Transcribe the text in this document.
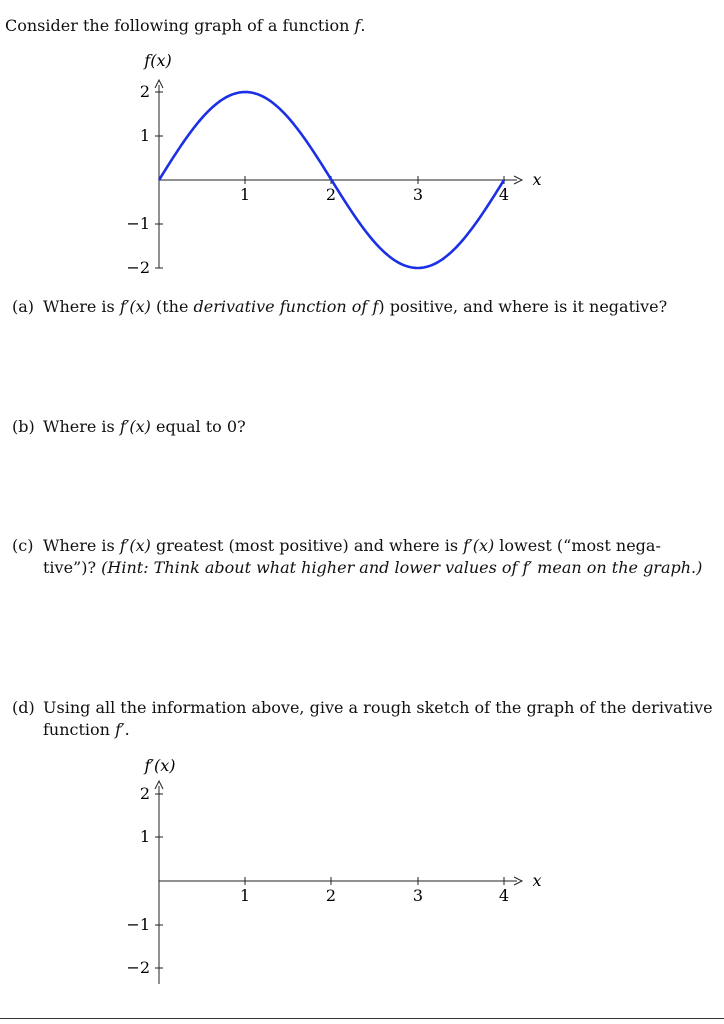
Consider the following graph of a function f.
f(x)
x
2
1
−1
−2
1	2	3	4
(a) Where is f′(x) (the derivative function of f) positive, and where is it negative?
(b) Where is f′(x) equal to 0?
(c) Where is f′(x) greatest (most positive) and where is f′(x) lowest (“most nega-
tive”)? (Hint: Think about what higher and lower values of f′ mean on the graph.)
(d) Using all the information above, give a rough sketch of the graph of the derivative
function f′.
f′(x)
x
2
1
−1
−2
1	2	3	4
